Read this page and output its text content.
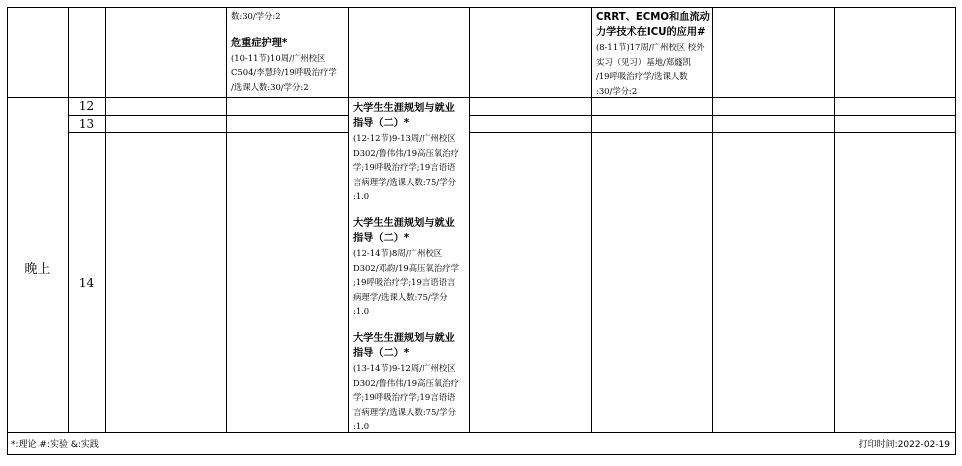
数:30/学分:2
危重症护理*
(10-11节)10周/广州校区
C504/李慧玲/19呼吸治疗学
/选课人数:30/学分:2
CRRT、ECMO和血流动
力学技术在ICU的应用#
(8-11节)17周/广州校区 校外
实习（见习）基地/郑燧凯
/19呼吸治疗学/选课人数
:30/学分:2
晚上
12
13
14
大学生生涯规划与就业
指导（二）*
(12-12节)9-13周/广州校区
D302/鲁伟伟/19高压氧治疗
学;19呼吸治疗学;19言语语
言病理学/选课人数:75/学分
:1.0
大学生生涯规划与就业
指导（二）*
(12-14节)8周/广州校区
D302/邓韵/19高压氧治疗学
;19呼吸治疗学;19言语语言
病理学/选课人数:75/学分
:1.0
大学生生涯规划与就业
指导（二）*
(13-14节)9-12周/广州校区
D302/鲁伟伟/19高压氧治疗
学;19呼吸治疗学;19言语语
言病理学/选课人数:75/学分
:1.0
*:理论 #:实验 &:实践	打印时间:2022-02-19
